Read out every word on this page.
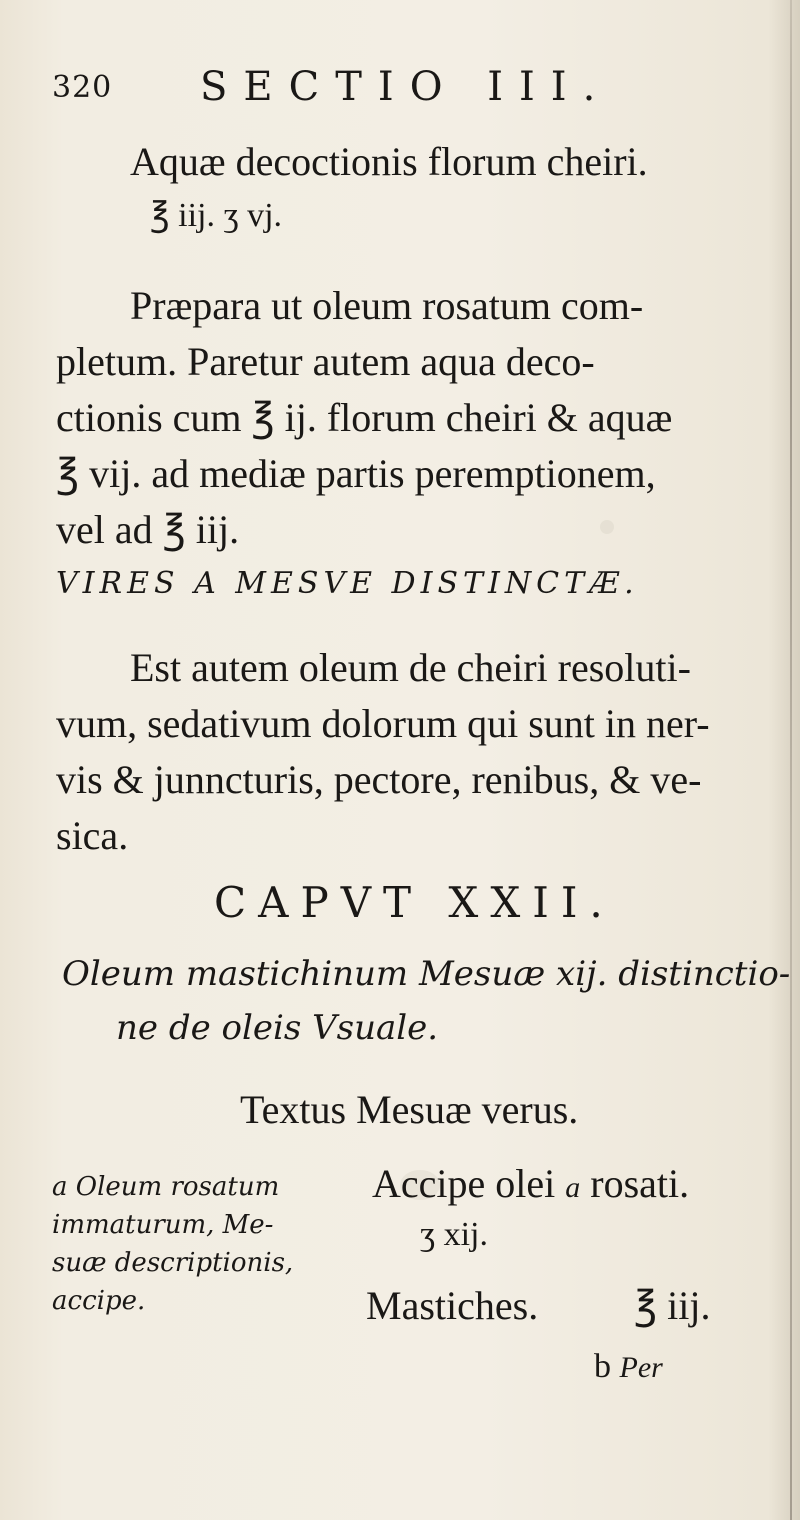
320 SECTIO III.
Aquæ decoctionis florum cheiri.
℥ iij. ʒ vj.
Præpara ut oleum rosatum com-
pletum. Paretur autem aqua deco-
ctionis cum ℥ ij. florum cheiri & aquæ
℥ vij. ad mediæ partis peremptionem,
vel ad ℥ iij.
VIRES A MESVE DISTINCTÆ.
Est autem oleum de cheiri resoluti-
vum, sedativum dolorum qui sunt in ner-
vis & junncturis, pectore, renibus, & ve-
sica.
CAPVT XXII.
Oleum mastichinum Mesuæ xij. distinctio-
ne de oleis Vsuale.
Textus Mesuæ verus.
a Oleum rosatum
immaturum, Me-
suæ descriptionis,
accipe.
Accipe olei a rosati.
ʒ xij.
Mastiches. ℥ iij.
b Per
